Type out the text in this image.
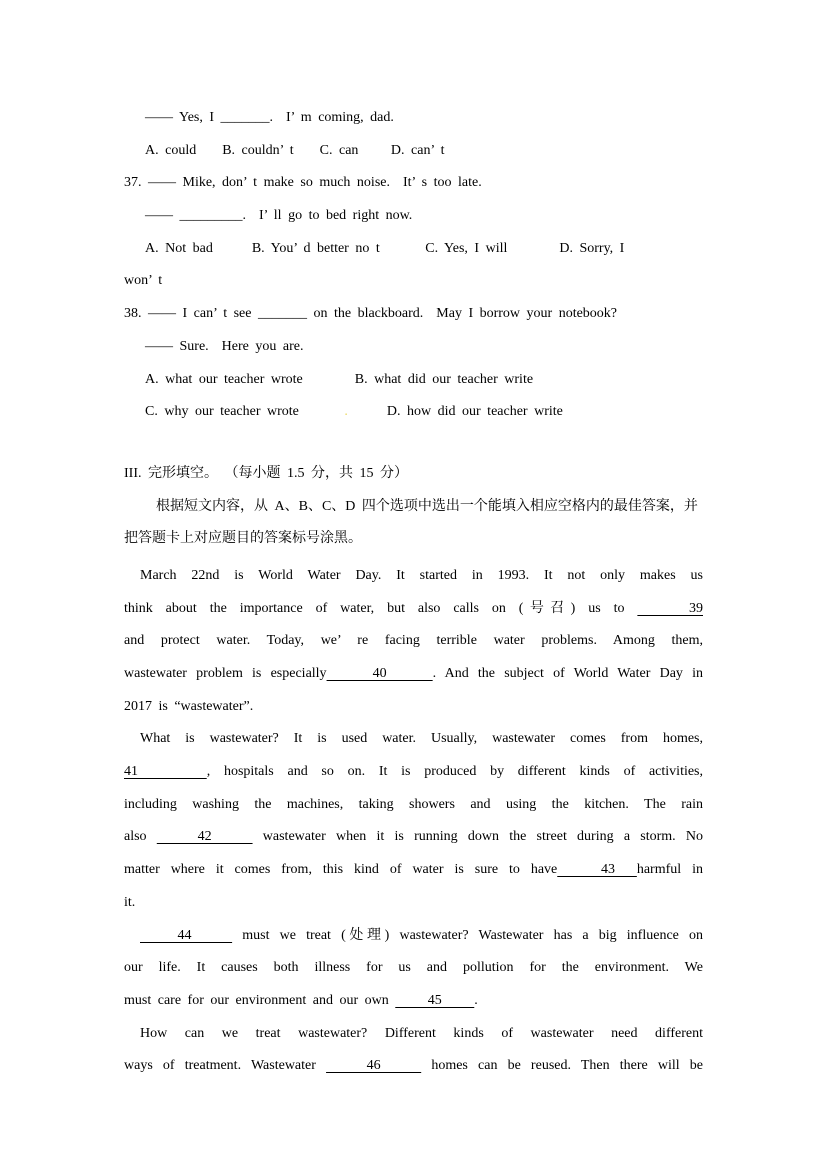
—— Yes, I _______.  I’ m coming, dad.
A. could    B. couldn’ t    C. can     D. can’ t
37. —— Mike, don’ t make so much noise.  It’ s too late.
—— _________.  I’ ll go to bed right now.
A. Not bad      B. You’ d better no t       C. Yes, I will        D. Sorry, I
won’ t
38. —— I can’ t see _______ on the blackboard.  May I borrow your notebook?
—— Sure.  Here you are.
A. what our teacher wrote        B. what did our teacher write
C. why our teacher wrote       .      D. how did our teacher write
III. 完形填空。 （每小题 1.5 分，共 15 分）
根据短文内容，从 A、B、C、D 四个选项中选出一个能填入相应空格内的最佳答案，并
把答题卡上对应题目的答案标号涂黑。
March 22nd is World Water Day. It started in 1993. It not only makes us
think about the importance of water, but also calls on (号召) us to     39
and protect water. Today, we’ re facing terrible water problems. Among them,
wastewater problem is especially     40     . And the subject of World Water Day in
2017 is “wastewater”.
What is wastewater? It is used water. Usually, wastewater comes from homes,
41     , hospitals and so on. It is produced by different kinds of activities,
including washing the machines, taking showers and using the kitchen. The rain
also     42     wastewater when it is running down the street during a storm. No
matter where it comes from, this kind of water is sure to have    43  harmful in
it.
44     must we treat (处理) wastewater? Wastewater has a big influence on
our life. It causes both illness for us and pollution for the environment. We
must care for our environment and our own      45     .
How can we treat wastewater? Different kinds of wastewater need different
ways of treatment. Wastewater     46     homes can be reused. Then there will be
